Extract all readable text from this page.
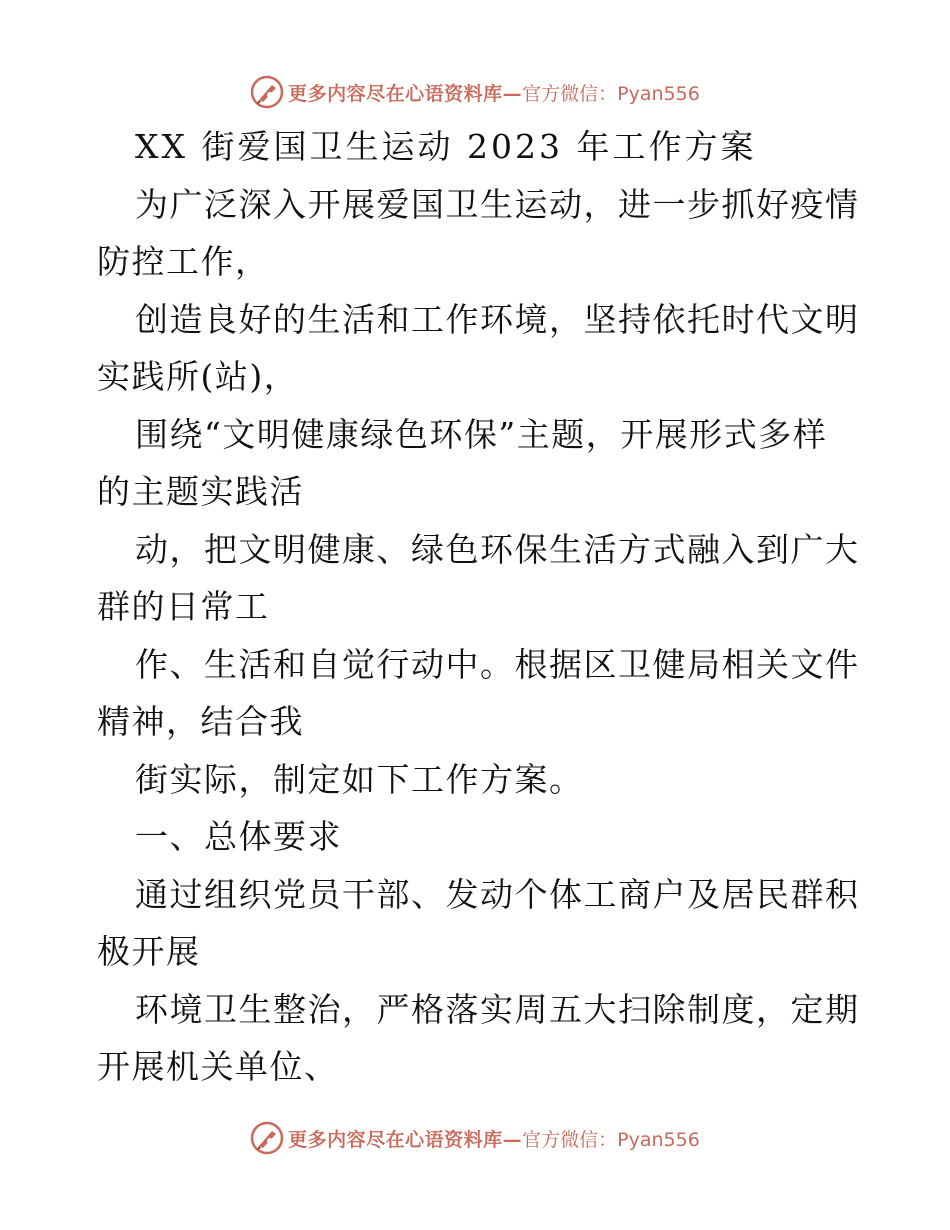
更多内容尽在心语资料库— 官方微信：Pyan556
XX 街爱国卫生运动 2023 年工作方案
为广泛深入开展爱国卫生运动，进一步抓好疫情
防控工作，
创造良好的生活和工作环境，坚持依托时代文明
实践所(站)，
围绕“文明健康绿色环保”主题，开展形式多样
的主题实践活
动，把文明健康、绿色环保生活方式融入到广大
群的日常工
作、生活和自觉行动中。根据区卫健局相关文件
精神，结合我
街实际，制定如下工作方案。
一、总体要求
通过组织党员干部、发动个体工商户及居民群积
极开展
环境卫生整治，严格落实周五大扫除制度，定期
开展机关单位、
更多内容尽在心语资料库— 官方微信：Pyan556
